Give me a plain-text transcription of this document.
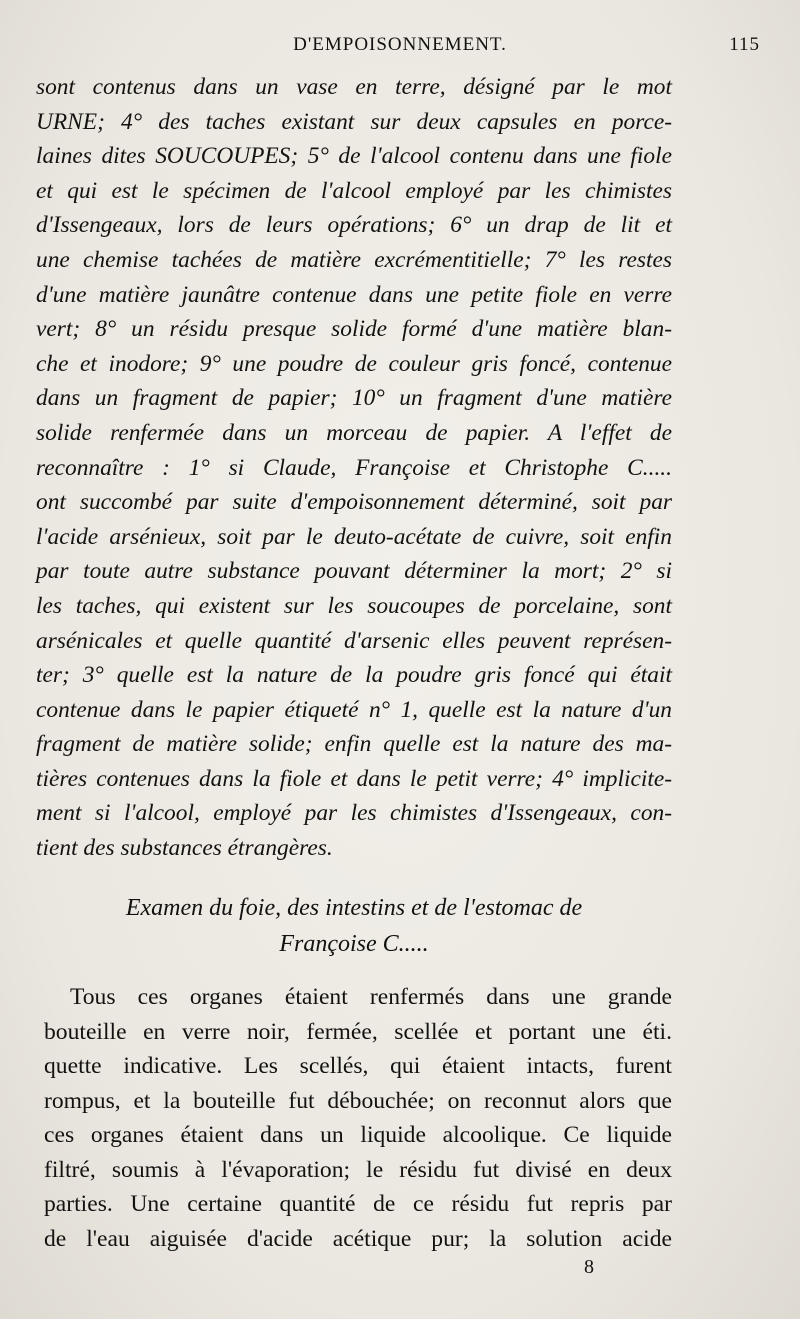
D'EMPOISONNEMENT.	115
sont contenus dans un vase en terre, désigné par le mot
URNE; 4° des taches existant sur deux capsules en porce-
laines dites SOUCOUPES; 5° de l'alcool contenu dans une fiole
et qui est le spécimen de l'alcool employé par les chimistes
d'Issengeaux, lors de leurs opérations; 6° un drap de lit et
une chemise tachées de matière excrémentitielle; 7° les restes
d'une matière jaunâtre contenue dans une petite fiole en verre
vert; 8° un résidu presque solide formé d'une matière blan-
che et inodore; 9° une poudre de couleur gris foncé, contenue
dans un fragment de papier; 10° un fragment d'une matière
solide renfermée dans un morceau de papier. A l'effet de
reconnaître : 1° si Claude, Françoise et Christophe C.....
ont succombé par suite d'empoisonnement déterminé, soit par
l'acide arsénieux, soit par le deuto-acétate de cuivre, soit enfin
par toute autre substance pouvant déterminer la mort; 2° si
les taches, qui existent sur les soucoupes de porcelaine, sont
arsénicales et quelle quantité d'arsenic elles peuvent représen-
ter; 3° quelle est la nature de la poudre gris foncé qui était
contenue dans le papier étiqueté n° 1, quelle est la nature d'un
fragment de matière solide; enfin quelle est la nature des ma-
tières contenues dans la fiole et dans le petit verre; 4° implicite-
ment si l'alcool, employé par les chimistes d'Issengeaux, con-
tient des substances étrangères.
Examen du foie, des intestins et de l'estomac de
Françoise C.....
Tous ces organes étaient renfermés dans une grande
bouteille en verre noir, fermée, scellée et portant une éti.
quette indicative. Les scellés, qui étaient intacts, furent
rompus, et la bouteille fut débouchée; on reconnut alors que
ces organes étaient dans un liquide alcoolique. Ce liquide
filtré, soumis à l'évaporation; le résidu fut divisé en deux
parties. Une certaine quantité de ce résidu fut repris par
de l'eau aiguisée d'acide acétique pur; la solution acide
8
